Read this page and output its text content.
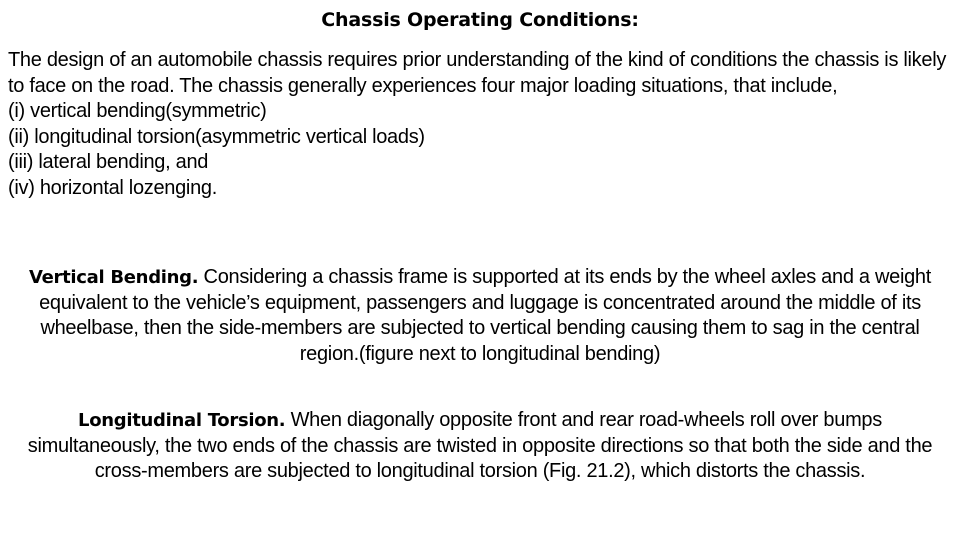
Chassis Operating Conditions:

The design of an automobile chassis requires prior understanding of the kind of conditions the chassis is likely to face on the road. The chassis generally experiences four major loading situations, that include,

(i) vertical bending(symmetric)
(ii) longitudinal torsion(asymmetric vertical loads)
(iii) lateral bending, and
(iv) horizontal lozenging.
Vertical Bending. Considering a chassis frame is supported at its ends by the wheel axles and a weight equivalent to the vehicle’s equipment, passengers and luggage is concentrated around the middle of its wheelbase, then the side-members are subjected to vertical bending causing them to sag in the central region.(figure next to longitudinal bending)
Longitudinal Torsion. When diagonally opposite front and rear road-wheels roll over bumps simultaneously, the two ends of the chassis are twisted in opposite directions so that both the side and the cross-members are subjected to longitudinal torsion (Fig. 21.2), which distorts the chassis.
